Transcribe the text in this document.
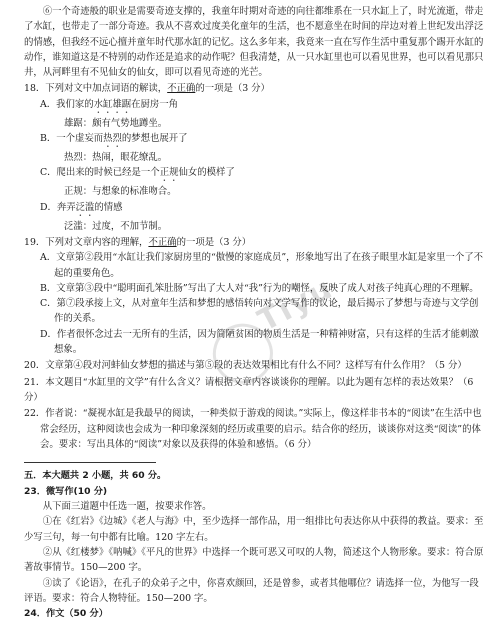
⑥一个奇迹般的职业是需要奇迹支撑的，我童年时期对奇迹的向往都维系在一只水缸上了，时光流逝，带走了水缸，也带走了一部分奇迹。我从不喜欢过度美化童年的生活，也不愿意坐在时间的岸边对着上世纪发出浮泛的情感，但我经不远心擅并童年时代那水缸的记忆。这么多年来，我竟来一直在写作生活中重复那个踢开水缸的动作，谁知道这是不特别的动作还是追求的动作呢？但我清楚，从一只水缸里也可以看见世界，也可以看见那只井，从河畔里有不见仙女的仙女，即可以看见奇迹的光芒。

18．下列对文中加点词语的解读，不正确的一项是（3 分）

A．我们家的水缸雄踞在厨房一角

雄踞：颇有气势地蹲坐。

B．一个虚妄而热烈的梦想也展开了

热烈：热闹，眼花缭乱。

C．爬出来的时候已经是一个正规仙女的模样了

正规：与想象的标准吻合。

D．奔弄泛滥的情感

泛滥：过度，不加节制。

19．下列对文章内容的理解，不正确的一项是（3 分）

A．文章第②段用“水缸让我们家厨房里的“傲慢的家庭成员”，形象地写出了在孩子眼里水缸是家里一个了不起的重要角色。

B．文章第③段中“聪明面孔笨肚肠”写出了大人对“我”行为的嘲怪，反映了成人对孩子纯真心理的不理解。

C．第⑦段承接上文，从对童年生活和梦想的感悟转向对文学写作的议论，最后揭示了梦想与奇迹与文学创作的关系。

D．作者很怀念过去一无所有的生活，因为简陋贫困的物质生活是一种精神财富，只有这样的生活才能刺激想象。

20．文章第④段对河蚌仙女梦想的描述与第⑤段的表达效果相比有什么不同？这样写有什么作用？（5 分）

21．本文题目“水缸里的文学”有什么含义？请根据文章内容谈谈你的理解。以此为题有怎样的表达效果？（6 分）

22．作者说：“凝视水缸是我最早的阅读，一种类似于游戏的阅读。”实际上，像这样非书本的“阅读”在生活中也常会经历，这种阅读也会成为一种印象深刻的经历或重要的启示。结合你的经历，谈谈你对这类“阅读”的体会。要求：写出具体的“阅读”对象以及获得的体验和感悟。（6 分）

五．本大题共 2 小题，共 60 分。

23．微写作(10 分)

从下面三道题中任选一题，按要求作答。

①在《红岩》《边城》《老人与海》中，至少选择一部作品，用一组排比句表达你从中获得的教益。要求：至少写三句，每一句中都有比喻。120 字左右。

②从《红楼梦》《呐喊》《平凡的世界》中选择一个既可恶又可叹的人物，简述这个人物形象。要求：符合原著故事情节。150—200 字。

③读了《论语》，在孔子的众弟子之中，你喜欢颜回，还是曾参，或者其他哪位？请选择一位，为他写一段评语。要求：符合人物特征。150—200 字。

24．作文（50 分）

Tiyu
